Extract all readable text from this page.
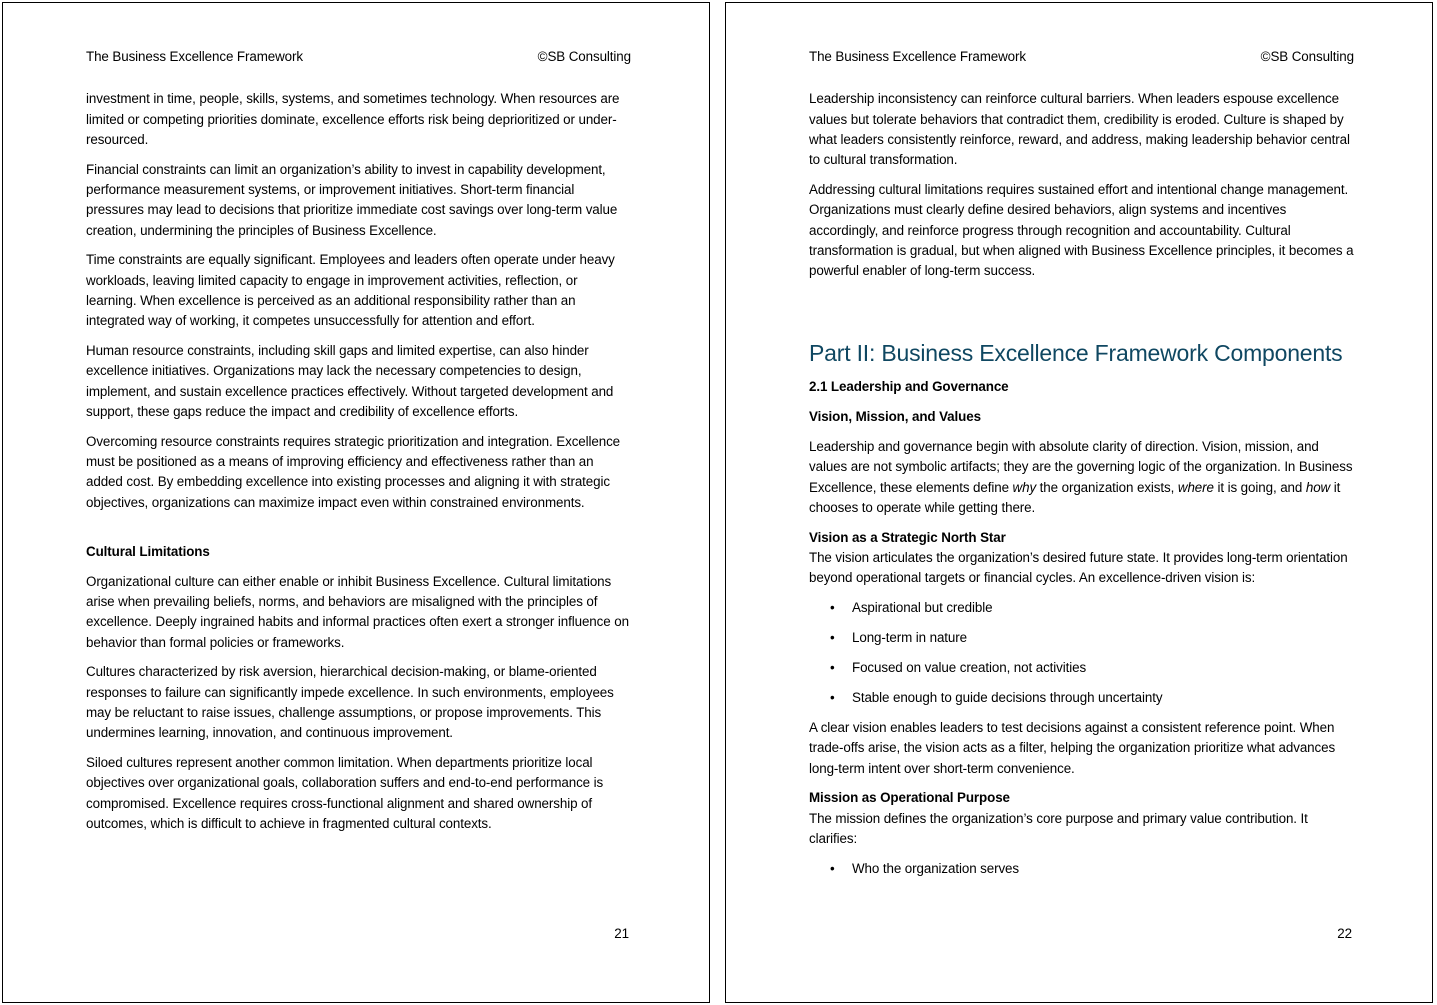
The Business Excellence Framework	©SB Consulting

investment in time, people, skills, systems, and sometimes technology. When resources are limited or competing priorities dominate, excellence efforts risk being deprioritized or under-resourced.

Financial constraints can limit an organization’s ability to invest in capability development, performance measurement systems, or improvement initiatives. Short-term financial pressures may lead to decisions that prioritize immediate cost savings over long-term value creation, undermining the principles of Business Excellence.

Time constraints are equally significant. Employees and leaders often operate under heavy workloads, leaving limited capacity to engage in improvement activities, reflection, or learning. When excellence is perceived as an additional responsibility rather than an integrated way of working, it competes unsuccessfully for attention and effort.

Human resource constraints, including skill gaps and limited expertise, can also hinder excellence initiatives. Organizations may lack the necessary competencies to design, implement, and sustain excellence practices effectively. Without targeted development and support, these gaps reduce the impact and credibility of excellence efforts.

Overcoming resource constraints requires strategic prioritization and integration. Excellence must be positioned as a means of improving efficiency and effectiveness rather than an added cost. By embedding excellence into existing processes and aligning it with strategic objectives, organizations can maximize impact even within constrained environments.

Cultural Limitations

Organizational culture can either enable or inhibit Business Excellence. Cultural limitations arise when prevailing beliefs, norms, and behaviors are misaligned with the principles of excellence. Deeply ingrained habits and informal practices often exert a stronger influence on behavior than formal policies or frameworks.

Cultures characterized by risk aversion, hierarchical decision-making, or blame-oriented responses to failure can significantly impede excellence. In such environments, employees may be reluctant to raise issues, challenge assumptions, or propose improvements. This undermines learning, innovation, and continuous improvement.

Siloed cultures represent another common limitation. When departments prioritize local objectives over organizational goals, collaboration suffers and end-to-end performance is compromised. Excellence requires cross-functional alignment and shared ownership of outcomes, which is difficult to achieve in fragmented cultural contexts.

21
The Business Excellence Framework	©SB Consulting

Leadership inconsistency can reinforce cultural barriers. When leaders espouse excellence values but tolerate behaviors that contradict them, credibility is eroded. Culture is shaped by what leaders consistently reinforce, reward, and address, making leadership behavior central to cultural transformation.

Addressing cultural limitations requires sustained effort and intentional change management. Organizations must clearly define desired behaviors, align systems and incentives accordingly, and reinforce progress through recognition and accountability. Cultural transformation is gradual, but when aligned with Business Excellence principles, it becomes a powerful enabler of long-term success.

Part II: Business Excellence Framework Components
2.1 Leadership and Governance
Vision, Mission, and Values

Leadership and governance begin with absolute clarity of direction. Vision, mission, and values are not symbolic artifacts; they are the governing logic of the organization. In Business Excellence, these elements define why the organization exists, where it is going, and how it chooses to operate while getting there.

Vision as a Strategic North Star

The vision articulates the organization’s desired future state. It provides long-term orientation beyond operational targets or financial cycles. An excellence-driven vision is:

• Aspirational but credible
• Long-term in nature
• Focused on value creation, not activities
• Stable enough to guide decisions through uncertainty

A clear vision enables leaders to test decisions against a consistent reference point. When trade-offs arise, the vision acts as a filter, helping the organization prioritize what advances long-term intent over short-term convenience.

Mission as Operational Purpose

The mission defines the organization’s core purpose and primary value contribution. It clarifies:

• Who the organization serves
22
